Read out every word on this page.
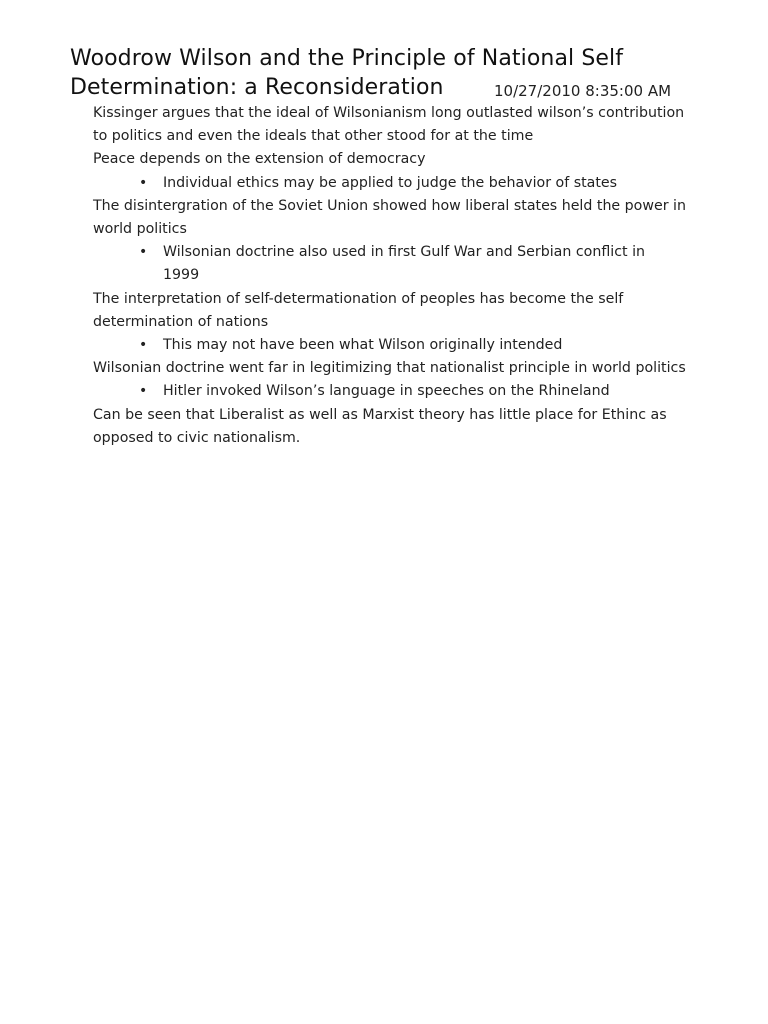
Woodrow Wilson and the Principle of National Self
Determination: a Reconsideration	10/27/2010 8:35:00 AM

Kissinger argues that the ideal of Wilsonianism long outlasted wilson’s contribution to politics and even the ideals that other stood for at the time

Peace depends on the extension of democracy

• Individual ethics may be applied to judge the behavior of states

The disintergration of the Soviet Union showed how liberal states held the power in world politics

• Wilsonian doctrine also used in first Gulf War and Serbian conflict in 1999

The interpretation of self-determationation of peoples has become the self determination of nations

• This may not have been what Wilson originally intended

Wilsonian doctrine went far in legitimizing that nationalist principle in world politics

• Hitler invoked Wilson’s language in speeches on the Rhineland

Can be seen that Liberalist as well as Marxist theory has little place for Ethinc as opposed to civic nationalism.
